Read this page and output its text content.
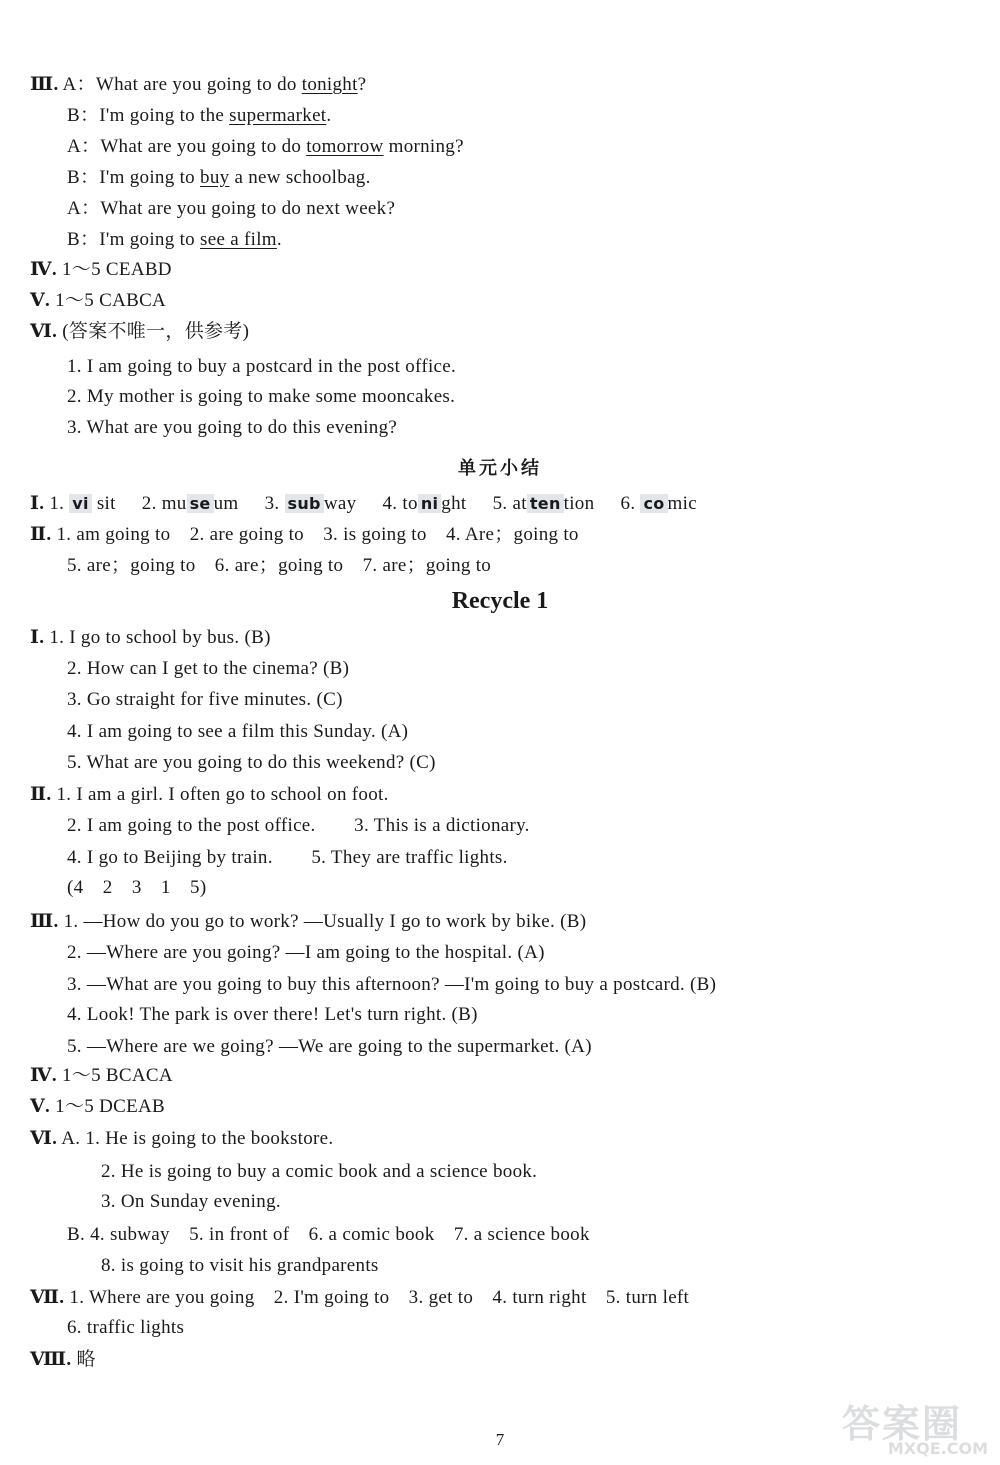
Ⅲ. A：What are you going to do tonight?
B：I'm going to the supermarket.
A：What are you going to do tomorrow morning?
B：I'm going to buy a new schoolbag.
A：What are you going to do next week?
B：I'm going to see a film.
Ⅳ. 1～5 CEABD
Ⅴ. 1～5 CABCA
Ⅵ. (答案不唯一，供参考)
1. I am going to buy a postcard in the post office.
2. My mother is going to make some mooncakes.
3. What are you going to do this evening?
单元小结
Ⅰ. 1. vi sit 2. mu se um 3. sub way 4. to ni ght 5. at ten tion 6. co mic
Ⅱ. 1. am going to　2. are going to　3. is going to　4. Are；going to
5. are；going to　6. are；going to　7. are；going to
Recycle 1
Ⅰ. 1. I go to school by bus. (B)
2. How can I get to the cinema? (B)
3. Go straight for five minutes. (C)
4. I am going to see a film this Sunday. (A)
5. What are you going to do this weekend? (C)
Ⅱ. 1. I am a girl. I often go to school on foot.
2. I am going to the post office.　　3. This is a dictionary.
4. I go to Beijing by train.　　5. They are traffic lights.
(4　2　3　1　5)
Ⅲ. 1. —How do you go to work? —Usually I go to work by bike. (B)
2. —Where are you going? —I am going to the hospital. (A)
3. —What are you going to buy this afternoon? —I'm going to buy a postcard. (B)
4. Look! The park is over there! Let's turn right. (B)
5. —Where are we going? —We are going to the supermarket. (A)
Ⅳ. 1～5 BCACA
Ⅴ. 1～5 DCEAB
Ⅵ. A. 1. He is going to the bookstore.
2. He is going to buy a comic book and a science book.
3. On Sunday evening.
B. 4. subway　5. in front of　6. a comic book　7. a science book
8. is going to visit his grandparents
Ⅶ. 1. Where are you going　2. I'm going to　3. get to　4. turn right　5. turn left
6. traffic lights
Ⅷ. 略
7	答案圈
MXQE.COM
